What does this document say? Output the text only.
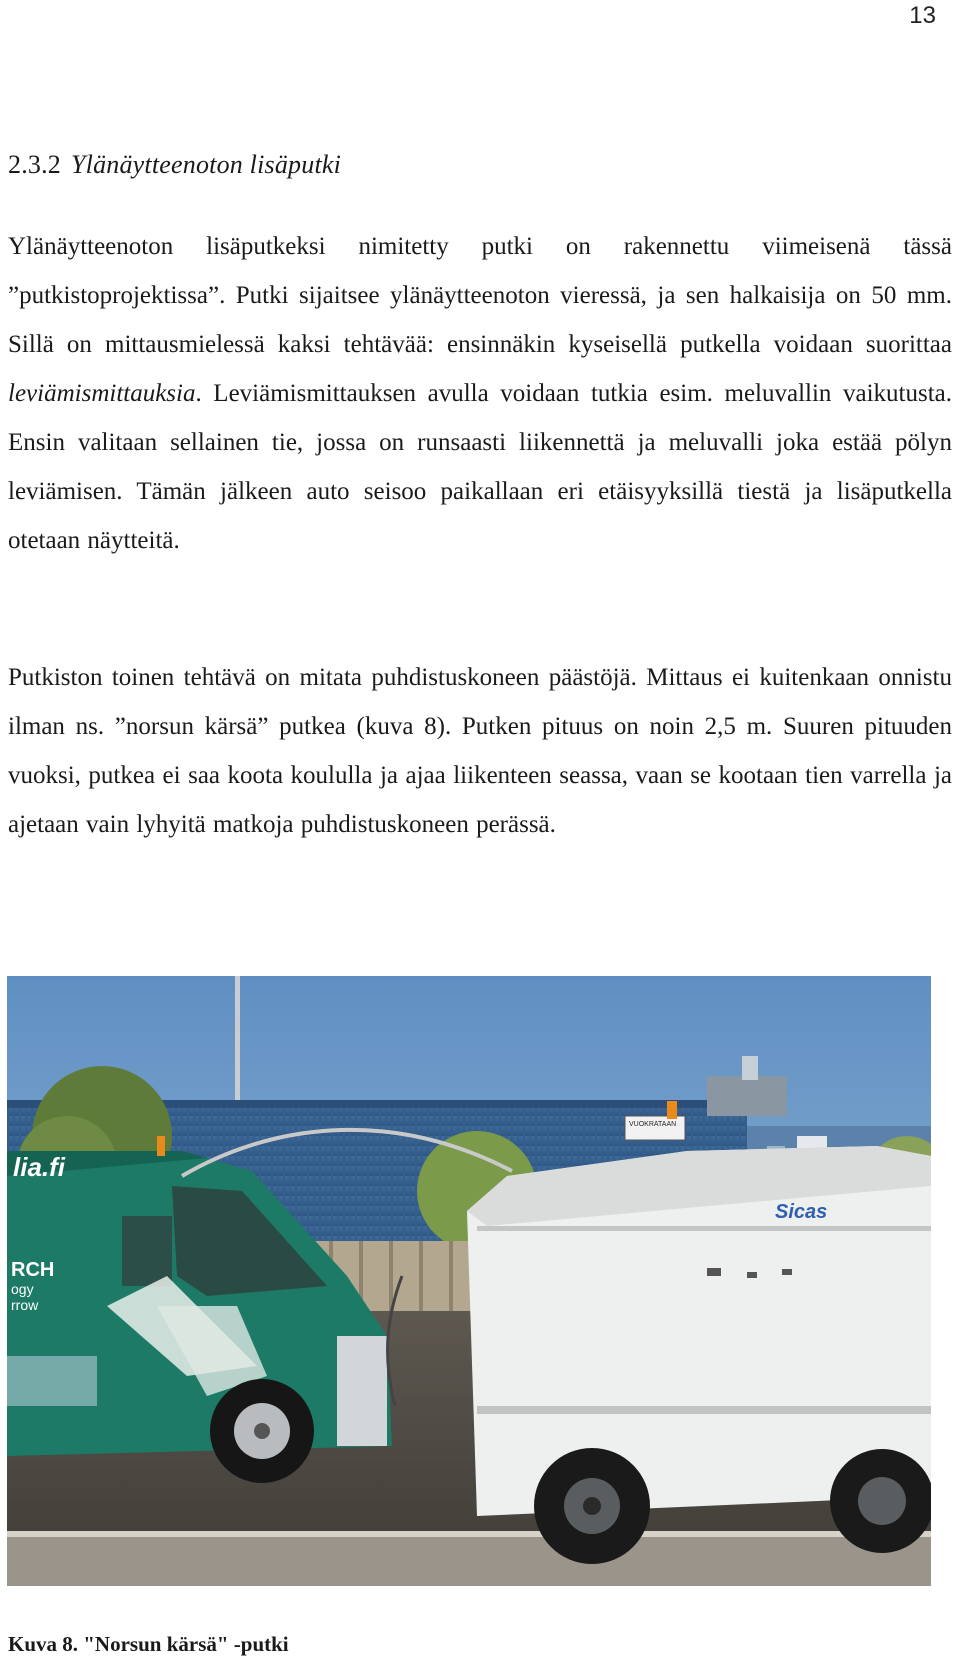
13
2.3.2 Ylänäytteenoton lisäputki

Ylänäytteenoton lisäputkeksi nimitetty putki on rakennettu viimeisenä tässä ”putkistoprojektissa”. Putki sijaitsee ylänäytteenoton vieressä, ja sen halkaisija on 50 mm. Sillä on mittausmielessä kaksi tehtävää: ensinnäkin kyseisellä putkella voidaan suorittaa leviämismittauksia. Leviämismittauksen avulla voidaan tutkia esim. meluvallin vaikutusta. Ensin valitaan sellainen tie, jossa on runsaasti liikennettä ja meluvalli joka estää pölyn leviämisen. Tämän jälkeen auto seisoo paikallaan eri etäisyyksillä tiestä ja lisäputkella otetaan näytteitä.

Putkiston toinen tehtävä on mitata puhdistuskoneen päästöjä. Mittaus ei kuitenkaan onnistu ilman ns. ”norsun kärsä” putkea (kuva 8). Putken pituus on noin 2,5 m. Suuren pituuden vuoksi, putkea ei saa koota koululla ja ajaa liikenteen seassa, vaan se kootaan tien varrella ja ajetaan vain lyhyitä matkoja puhdistuskoneen perässä.

VUOKRATAAN
lia.fi
RCH
ogy
rrow
Sicas

Kuva 8. "Norsun kärsä" -putki
